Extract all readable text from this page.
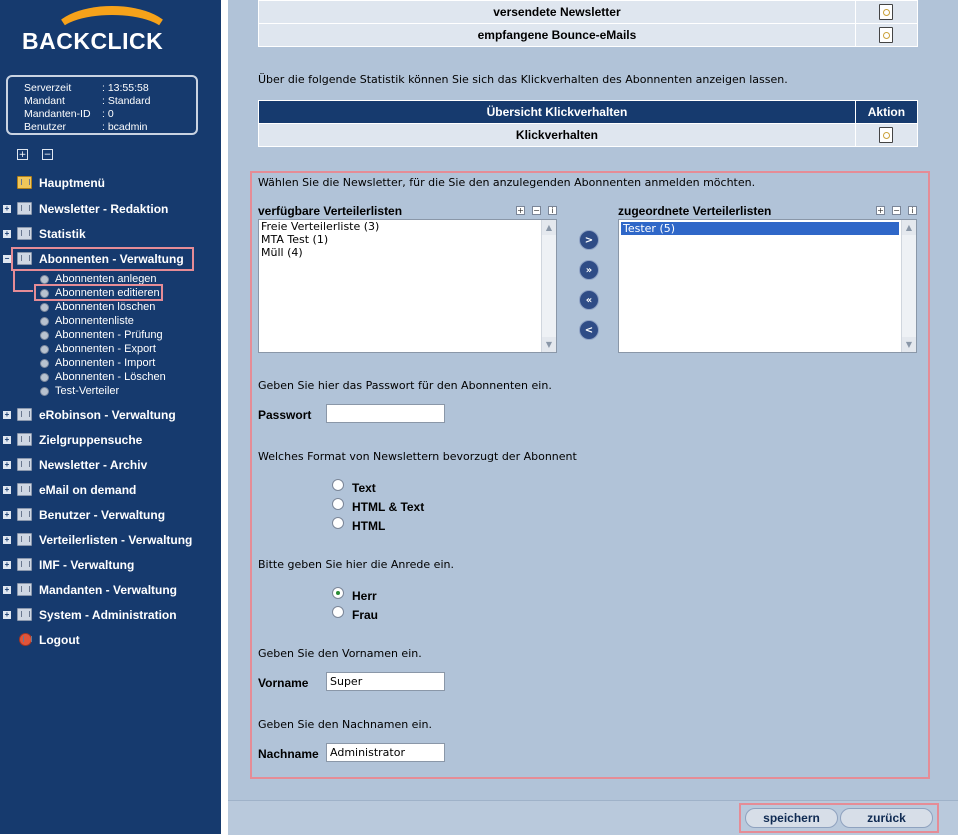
BACKCLICK
Serverzeit	: 13:55:58
Mandant	: Standard
Mandanten-ID : 0
Benutzer	: bcadmin
+ −
Hauptmenü
+ Newsletter - Redaktion
+ Statistik
− Abonnenten - Verwaltung
Abonnenten anlegen
Abonnenten editieren
Abonnenten löschen
Abonnentenliste
Abonnenten - Prüfung
Abonnenten - Export
Abonnenten - Import
Abonnenten - Löschen
Test-Verteiler
+ eRobinson - Verwaltung
+ Zielgruppensuche
+ Newsletter - Archiv
+ eMail on demand
+ Benutzer - Verwaltung
+ Verteilerlisten - Verwaltung
+ IMF - Verwaltung
+ Mandanten - Verwaltung
+ System - Administration
Logout
versendete Newsletter	
empfangene Bounce-eMails	
Über die folgende Statistik können Sie sich das Klickverhalten des Abonnenten anzeigen lassen.
Übersicht Klickverhalten	Aktion
Klickverhalten	
Wählen Sie die Newsletter, für die Sie den anzulegenden Abonnenten anmelden möchten.
verfügbare Verteilerlisten	+ −	i
Freie Verteilerliste (3)
MTA Test (1)
Müll (4)
▲
▼
zugeordnete Verteilerlisten	+ −	i
Tester (5)	▲
▼
>
»
«
<
Geben Sie hier das Passwort für den Abonnenten ein.
Passwort
Welches Format von Newslettern bevorzugt der Abonnent
Text
HTML & Text
HTML
Bitte geben Sie hier die Anrede ein.
Herr
Frau
Geben Sie den Vornamen ein.
Vorname	Super
Geben Sie den Nachnamen ein.
Nachname	Administrator
speichern	zurück
